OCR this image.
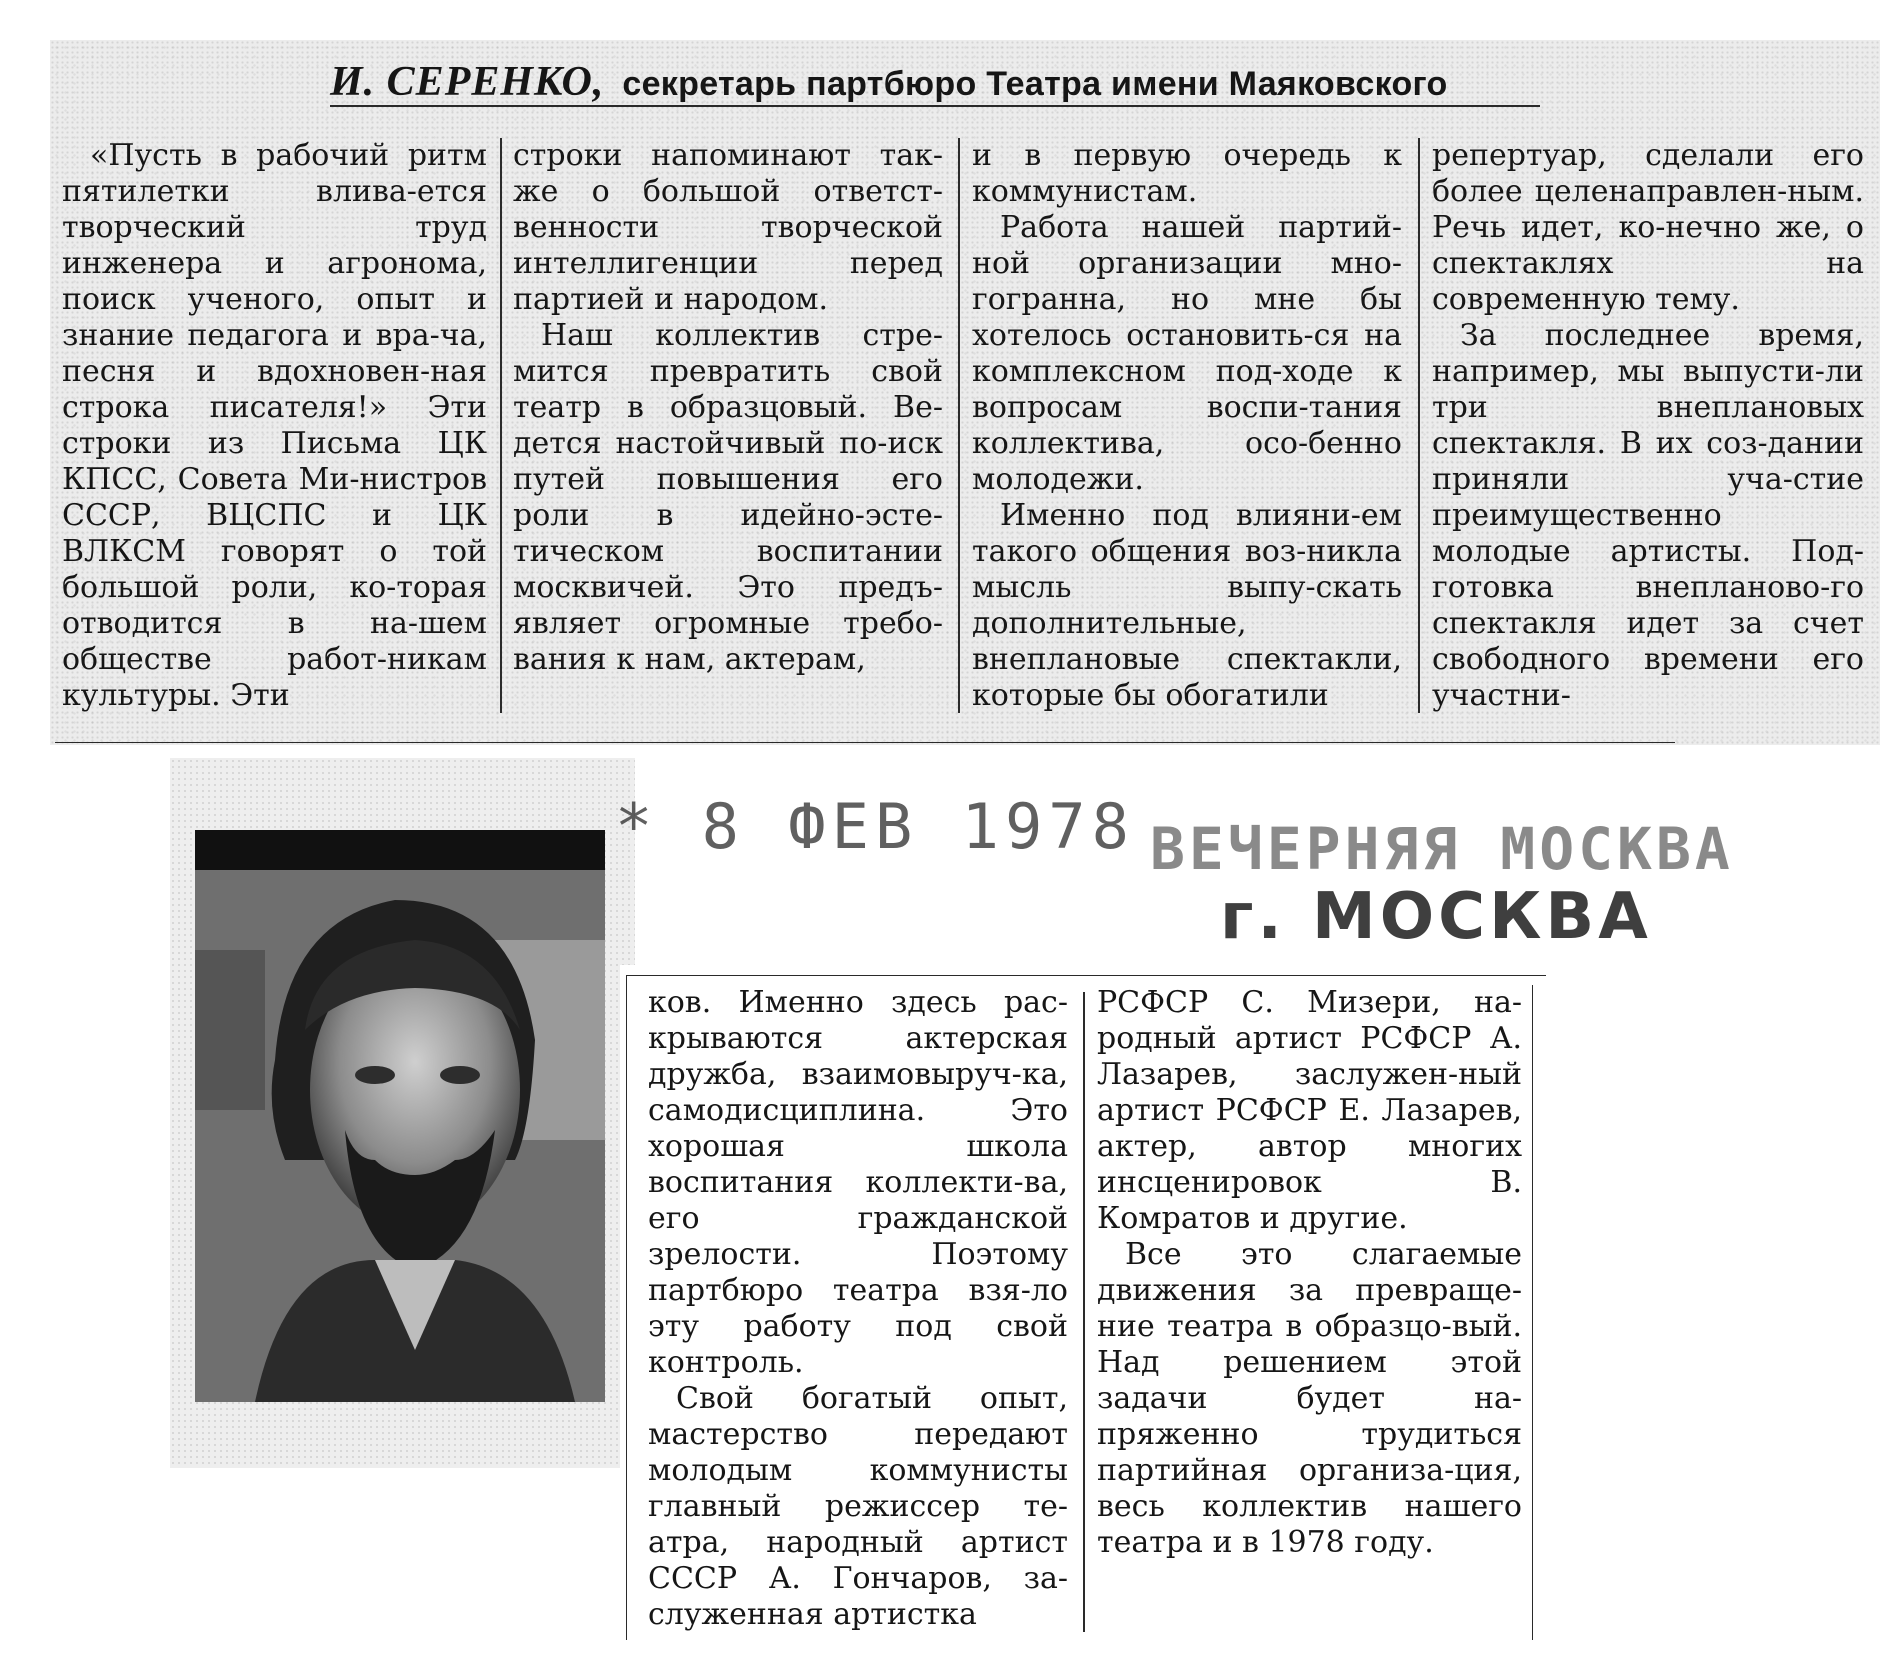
И. СЕРЕНКО, секретарь партбюро Театра имени Маяковского

«Пусть в рабочий ритм пятилетки влива-ется творческий труд инженера и агронома, поиск ученого, опыт и знание педагога и вра-ча, песня и вдохновен-ная строка писателя!» Эти строки из Письма ЦК КПСС, Совета Ми-нистров СССР, ВЦСПС и ЦК ВЛКСМ говорят о той большой роли, ко-торая отводится в на-шем обществе работ-никам культуры. Эти

строки напоминают так-же о большой ответст-венности творческой интеллигенции перед партией и народом.

Наш коллектив стре-мится превратить свой театр в образцовый. Ве-дется настойчивый по-иск путей повышения его роли в идейно-эсте-тическом воспитании москвичей. Это предъ-являет огромные требо-вания к нам, актерам,

и в первую очередь к коммунистам.

Работа нашей партий-ной организации мно-гогранна, но мне бы хотелось остановить-ся на комплексном под-ходе к вопросам воспи-тания коллектива, осо-бенно молодежи.

Именно под влияни-ем такого общения воз-никла мысль выпу-скать дополнительные, внеплановые спектакли, которые бы обогатили

репертуар, сделали его более целенаправлен-ным. Речь идет, ко-нечно же, о спектаклях на современную тему.

За последнее время, например, мы выпусти-ли три внеплановых спектакля. В их соз-дании приняли уча-стие преимущественно молодые артисты. Под-готовка внепланово-го спектакля идет за счет свободного времени его участни-

* 8 ФЕВ 1978 ВЕЧЕРНЯЯ МОСКВА
г. МОСКВА

ков. Именно здесь рас-крываются актерская дружба, взаимовыруч-ка, самодисциплина. Это хорошая школа воспитания коллекти-ва, его гражданской зрелости. Поэтому партбюро театра взя-ло эту работу под свой контроль.

Свой богатый опыт, мастерство передают молодым коммунисты главный режиссер те-атра, народный артист СССР А. Гончаров, за-служенная артистка

РСФСР С. Мизери, на-родный артист РСФСР А. Лазарев, заслужен-ный артист РСФСР Е. Лазарев, актер, автор многих инсценировок В. Комратов и другие.

Все это слагаемые движения за превраще-ние театра в образцо-вый. Над решением этой задачи будет на-пряженно трудиться партийная организа-ция, весь коллектив нашего театра и в 1978 году.
